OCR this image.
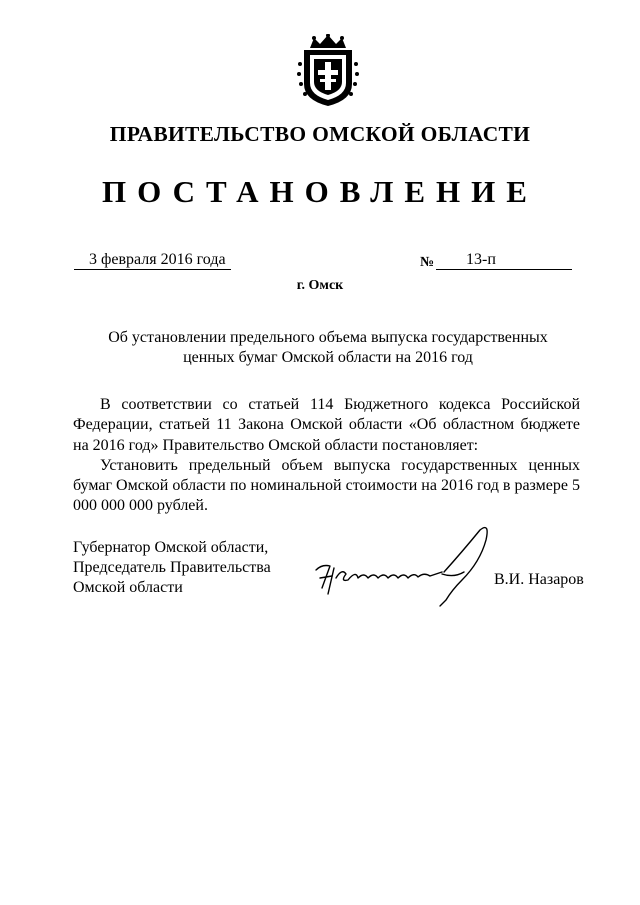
ПРАВИТЕЛЬСТВО ОМСКОЙ ОБЛАСТИ
ПОСТАНОВЛЕНИЕ
3 февраля 2016 года	№	13-п
г. Омск
Об установлении предельного объема выпуска государственных ценных бумаг Омской области на 2016 год

В соответствии со статьей 114 Бюджетного кодекса Российской Федерации, статьей 11 Закона Омской области «Об областном бюджете на 2016 год» Правительство Омской области постановляет:

Установить предельный объем выпуска государственных ценных бумаг Омской области по номинальной стоимости на 2016 год в размере 5 000 000 000 рублей.

Губернатор Омской области,
Председатель Правительства
Омской области	В.И. Назаров
